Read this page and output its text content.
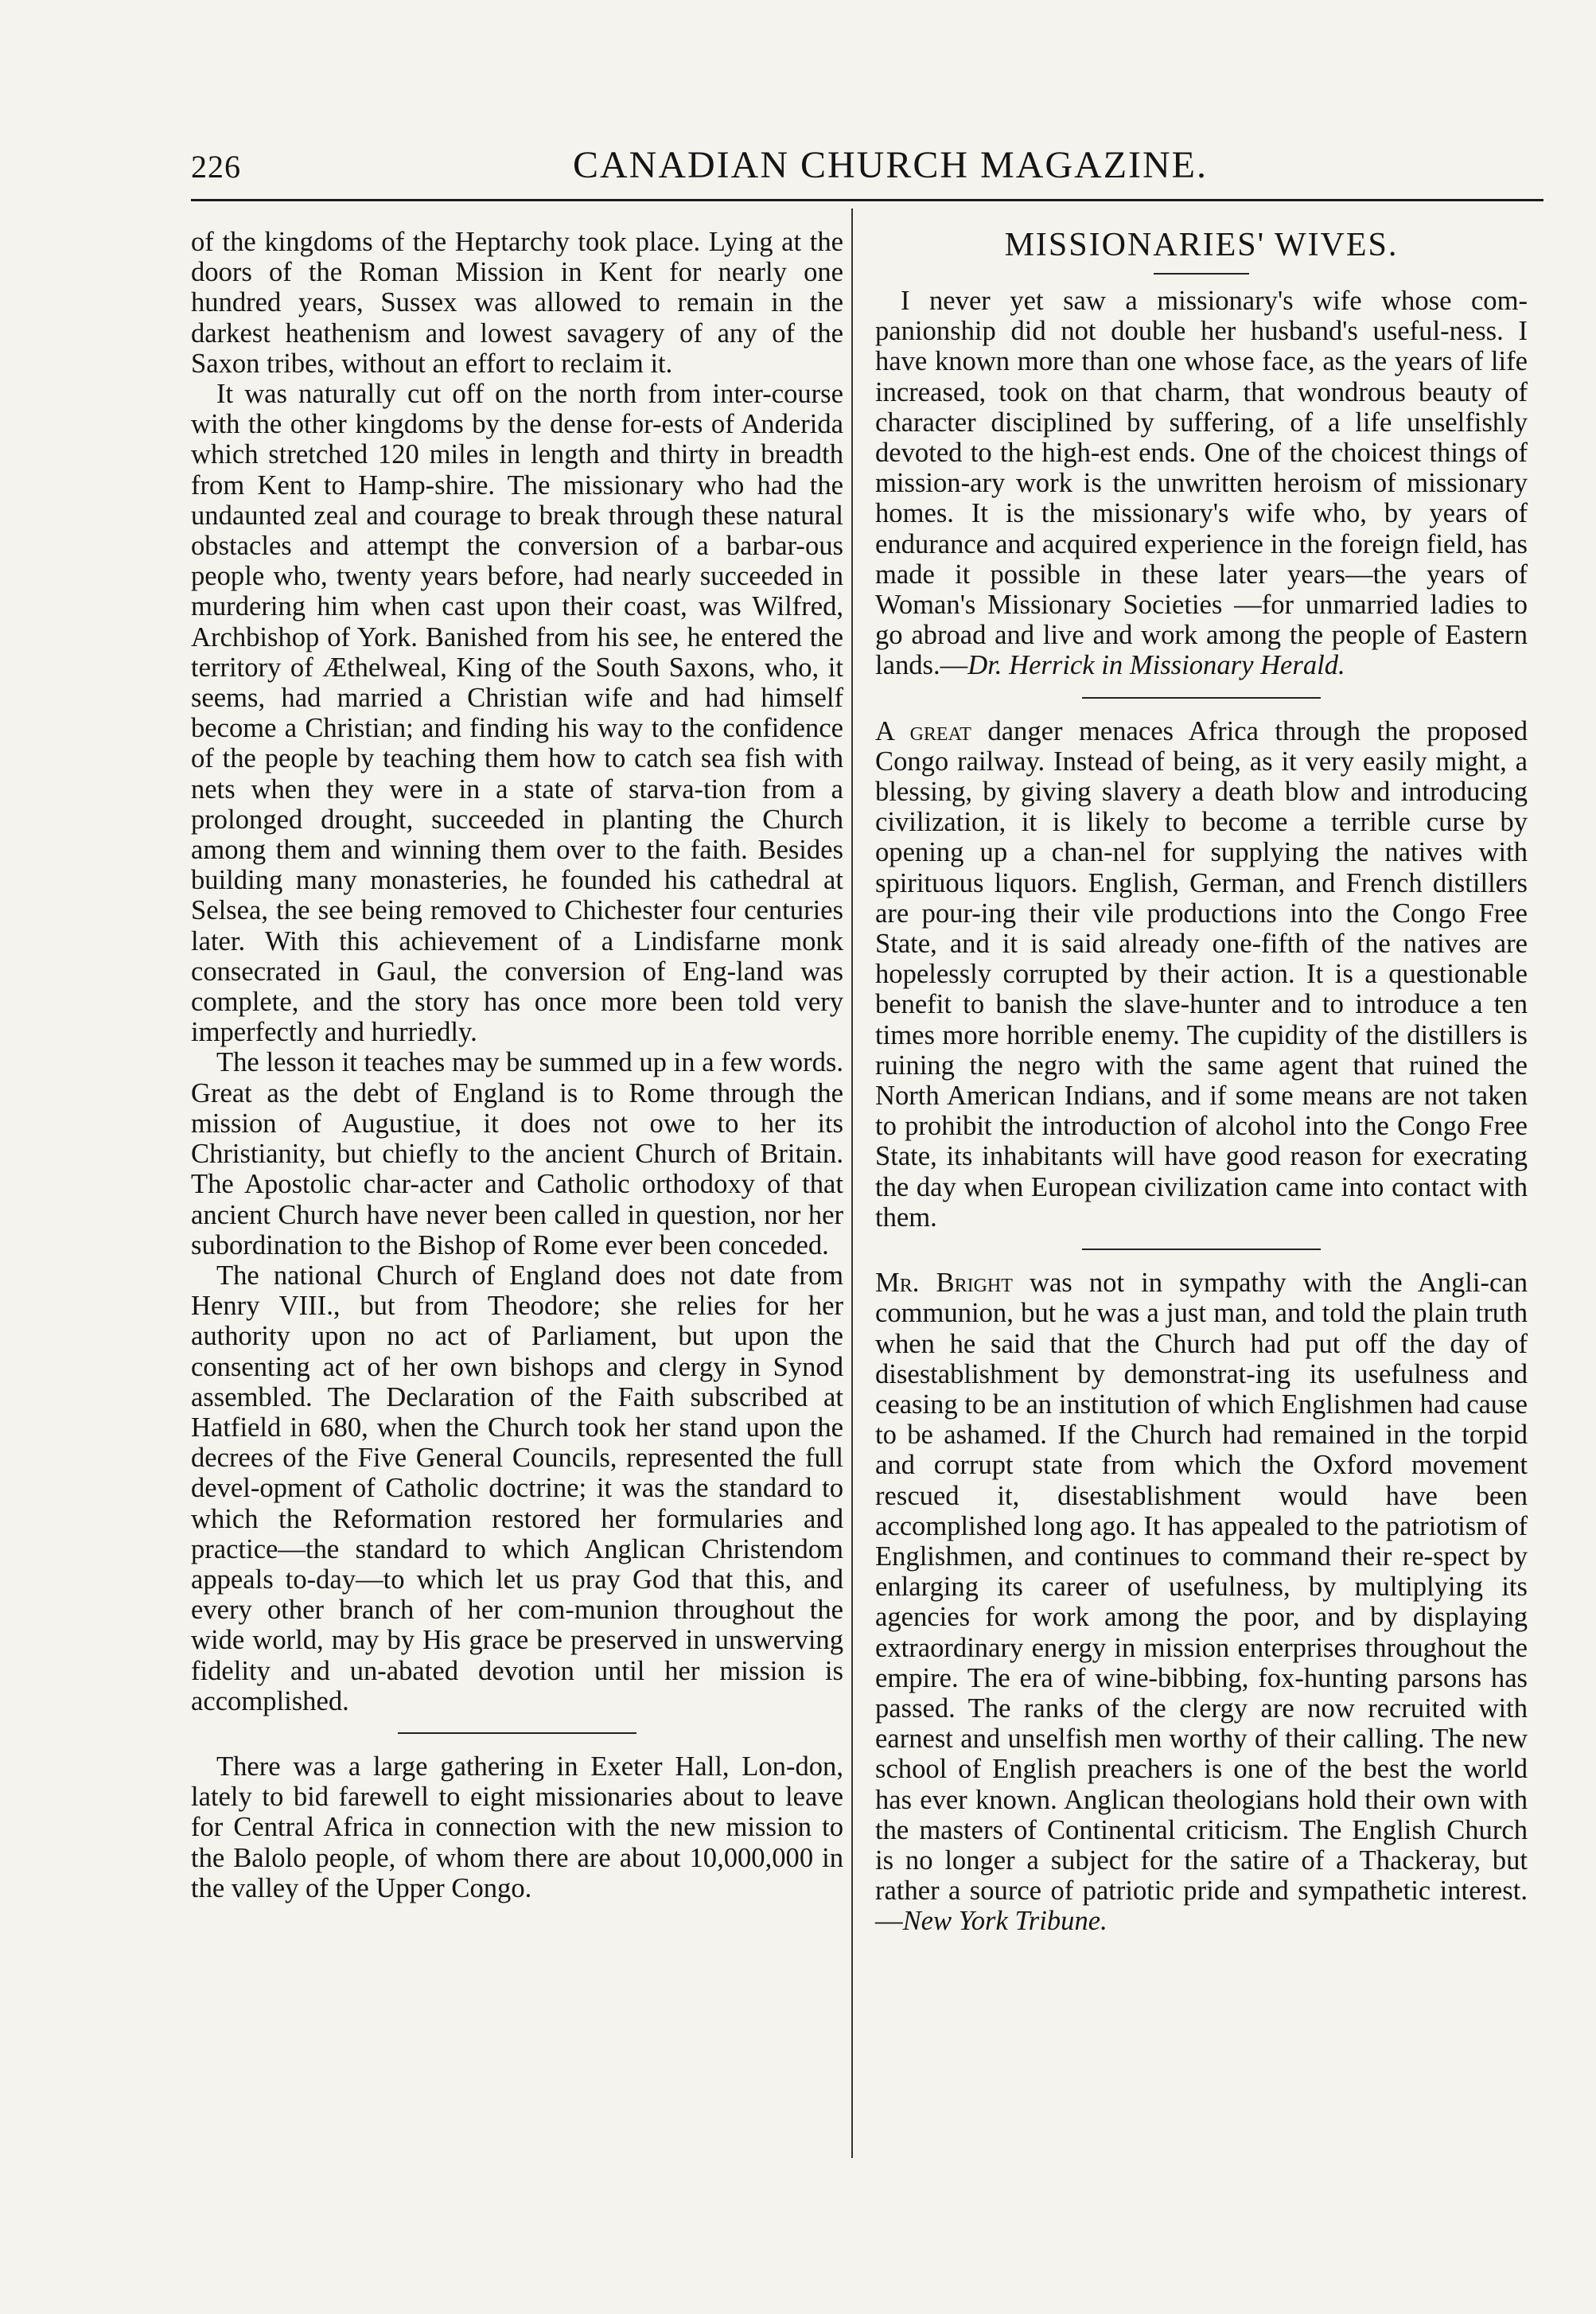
226	CANADIAN CHURCH MAGAZINE.

of the kingdoms of the Heptarchy took place. Lying at the doors of the Roman Mission in Kent for nearly one hundred years, Sussex was allowed to remain in the darkest heathenism and lowest savagery of any of the Saxon tribes, without an effort to reclaim it.

It was naturally cut off on the north from inter-course with the other kingdoms by the dense for-ests of Anderida which stretched 120 miles in length and thirty in breadth from Kent to Hamp-shire. The missionary who had the undaunted zeal and courage to break through these natural obstacles and attempt the conversion of a barbar-ous people who, twenty years before, had nearly succeeded in murdering him when cast upon their coast, was Wilfred, Archbishop of York. Banished from his see, he entered the territory of Æthelweal, King of the South Saxons, who, it seems, had married a Christian wife and had himself become a Christian; and finding his way to the confidence of the people by teaching them how to catch sea fish with nets when they were in a state of starva-tion from a prolonged drought, succeeded in planting the Church among them and winning them over to the faith. Besides building many monasteries, he founded his cathedral at Selsea, the see being removed to Chichester four centuries later. With this achievement of a Lindisfarne monk consecrated in Gaul, the conversion of Eng-land was complete, and the story has once more been told very imperfectly and hurriedly.

The lesson it teaches may be summed up in a few words. Great as the debt of England is to Rome through the mission of Augustiue, it does not owe to her its Christianity, but chiefly to the ancient Church of Britain. The Apostolic char-acter and Catholic orthodoxy of that ancient Church have never been called in question, nor her subordination to the Bishop of Rome ever been conceded.

The national Church of England does not date from Henry VIII., but from Theodore; she relies for her authority upon no act of Parliament, but upon the consenting act of her own bishops and clergy in Synod assembled. The Declaration of the Faith subscribed at Hatfield in 680, when the Church took her stand upon the decrees of the Five General Councils, represented the full devel-opment of Catholic doctrine; it was the standard to which the Reformation restored her formularies and practice—the standard to which Anglican Christendom appeals to-day—to which let us pray God that this, and every other branch of her com-munion throughout the wide world, may by His grace be preserved in unswerving fidelity and un-abated devotion until her mission is accomplished.

There was a large gathering in Exeter Hall, Lon-don, lately to bid farewell to eight missionaries about to leave for Central Africa in connection with the new mission to the Balolo people, of whom there are about 10,000,000 in the valley of the Upper Congo.

MISSIONARIES' WIVES.

I never yet saw a missionary's wife whose com-panionship did not double her husband's useful-ness. I have known more than one whose face, as the years of life increased, took on that charm, that wondrous beauty of character disciplined by suffering, of a life unselfishly devoted to the high-est ends. One of the choicest things of mission-ary work is the unwritten heroism of missionary homes. It is the missionary's wife who, by years of endurance and acquired experience in the foreign field, has made it possible in these later years—the years of Woman's Missionary Societies —for unmarried ladies to go abroad and live and work among the people of Eastern lands.—Dr. Herrick in Missionary Herald.

A great danger menaces Africa through the proposed Congo railway. Instead of being, as it very easily might, a blessing, by giving slavery a death blow and introducing civilization, it is likely to become a terrible curse by opening up a chan-nel for supplying the natives with spirituous liquors. English, German, and French distillers are pour-ing their vile productions into the Congo Free State, and it is said already one-fifth of the natives are hopelessly corrupted by their action. It is a questionable benefit to banish the slave-hunter and to introduce a ten times more horrible enemy. The cupidity of the distillers is ruining the negro with the same agent that ruined the North American Indians, and if some means are not taken to prohibit the introduction of alcohol into the Congo Free State, its inhabitants will have good reason for execrating the day when European civilization came into contact with them.

Mr. Bright was not in sympathy with the Angli-can communion, but he was a just man, and told the plain truth when he said that the Church had put off the day of disestablishment by demonstrat-ing its usefulness and ceasing to be an institution of which Englishmen had cause to be ashamed. If the Church had remained in the torpid and corrupt state from which the Oxford movement rescued it, disestablishment would have been accomplished long ago. It has appealed to the patriotism of Englishmen, and continues to command their re-spect by enlarging its career of usefulness, by multiplying its agencies for work among the poor, and by displaying extraordinary energy in mission enterprises throughout the empire. The era of wine-bibbing, fox-hunting parsons has passed. The ranks of the clergy are now recruited with earnest and unselfish men worthy of their calling. The new school of English preachers is one of the best the world has ever known. Anglican theologians hold their own with the masters of Continental criticism. The English Church is no longer a subject for the satire of a Thackeray, but rather a source of patriotic pride and sympathetic interest.—New York Tribune.
